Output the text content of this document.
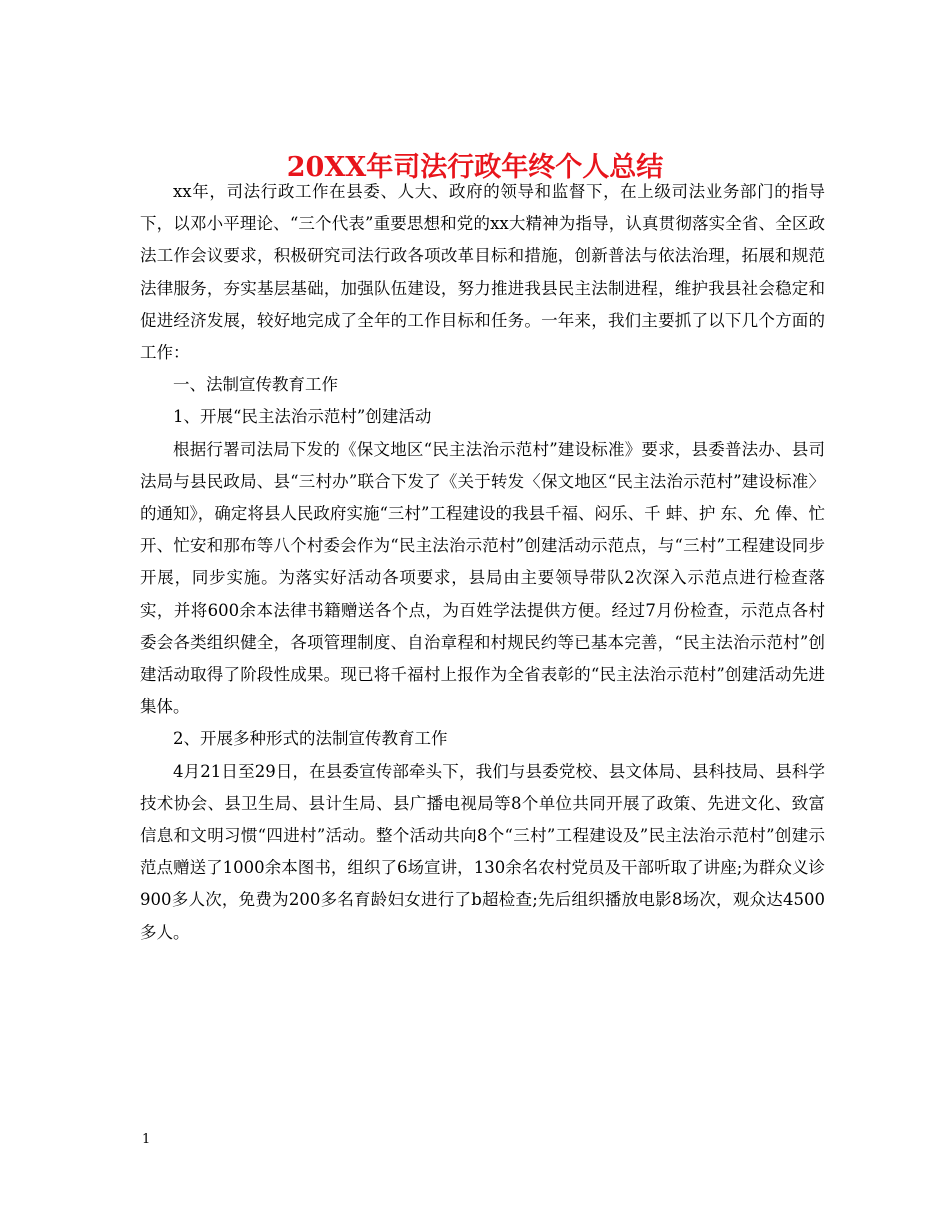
20XX年司法行政年终个人总结

xx年，司法行政工作在县委、人大、政府的领导和监督下，在上级司法业务部门的指导下，以邓小平理论、“三个代表”重要思想和党的xx大精神为指导，认真贯彻落实全省、全区政法工作会议要求，积极研究司法行政各项改革目标和措施，创新普法与依法治理，拓展和规范法律服务，夯实基层基础，加强队伍建设，努力推进我县民主法制进程，维护我县社会稳定和促进经济发展，较好地完成了全年的工作目标和任务。一年来，我们主要抓了以下几个方面的工作：

一、法制宣传教育工作

1、开展“民主法治示范村”创建活动

根据行署司法局下发的《保文地区“民主法治示范村”建设标准》要求，县委普法办、县司法局与县民政局、县“三村办”联合下发了《关于转发〈保文地区“民主法治示范村”建设标准〉的通知》，确定将县人民政府实施“三村”工程建设的我县千福、闷乐、千 蚌、护 东、允 俸、忙 开、忙安和那布等八个村委会作为“民主法治示范村”创建活动示范点，与“三村”工程建设同步开展，同步实施。为落实好活动各项要求，县局由主要领导带队2次深入示范点进行检查落实，并将600余本法律书籍赠送各个点，为百姓学法提供方便。经过7月份检查，示范点各村委会各类组织健全，各项管理制度、自治章程和村规民约等已基本完善，“民主法治示范村”创建活动取得了阶段性成果。现已将千福村上报作为全省表彰的“民主法治示范村”创建活动先进集体。

2、开展多种形式的法制宣传教育工作

4月21日至29日，在县委宣传部牵头下，我们与县委党校、县文体局、县科技局、县科学技术协会、县卫生局、县计生局、县广播电视局等8个单位共同开展了政策、先进文化、致富信息和文明习惯“四进村”活动。整个活动共向8个“三村”工程建设及”民主法治示范村”创建示范点赠送了1000余本图书，组织了6场宣讲，130余名农村党员及干部听取了讲座;为群众义诊900多人次，免费为200多名育龄妇女进行了b超检查;先后组织播放电影8场次，观众达4500多人。

1
